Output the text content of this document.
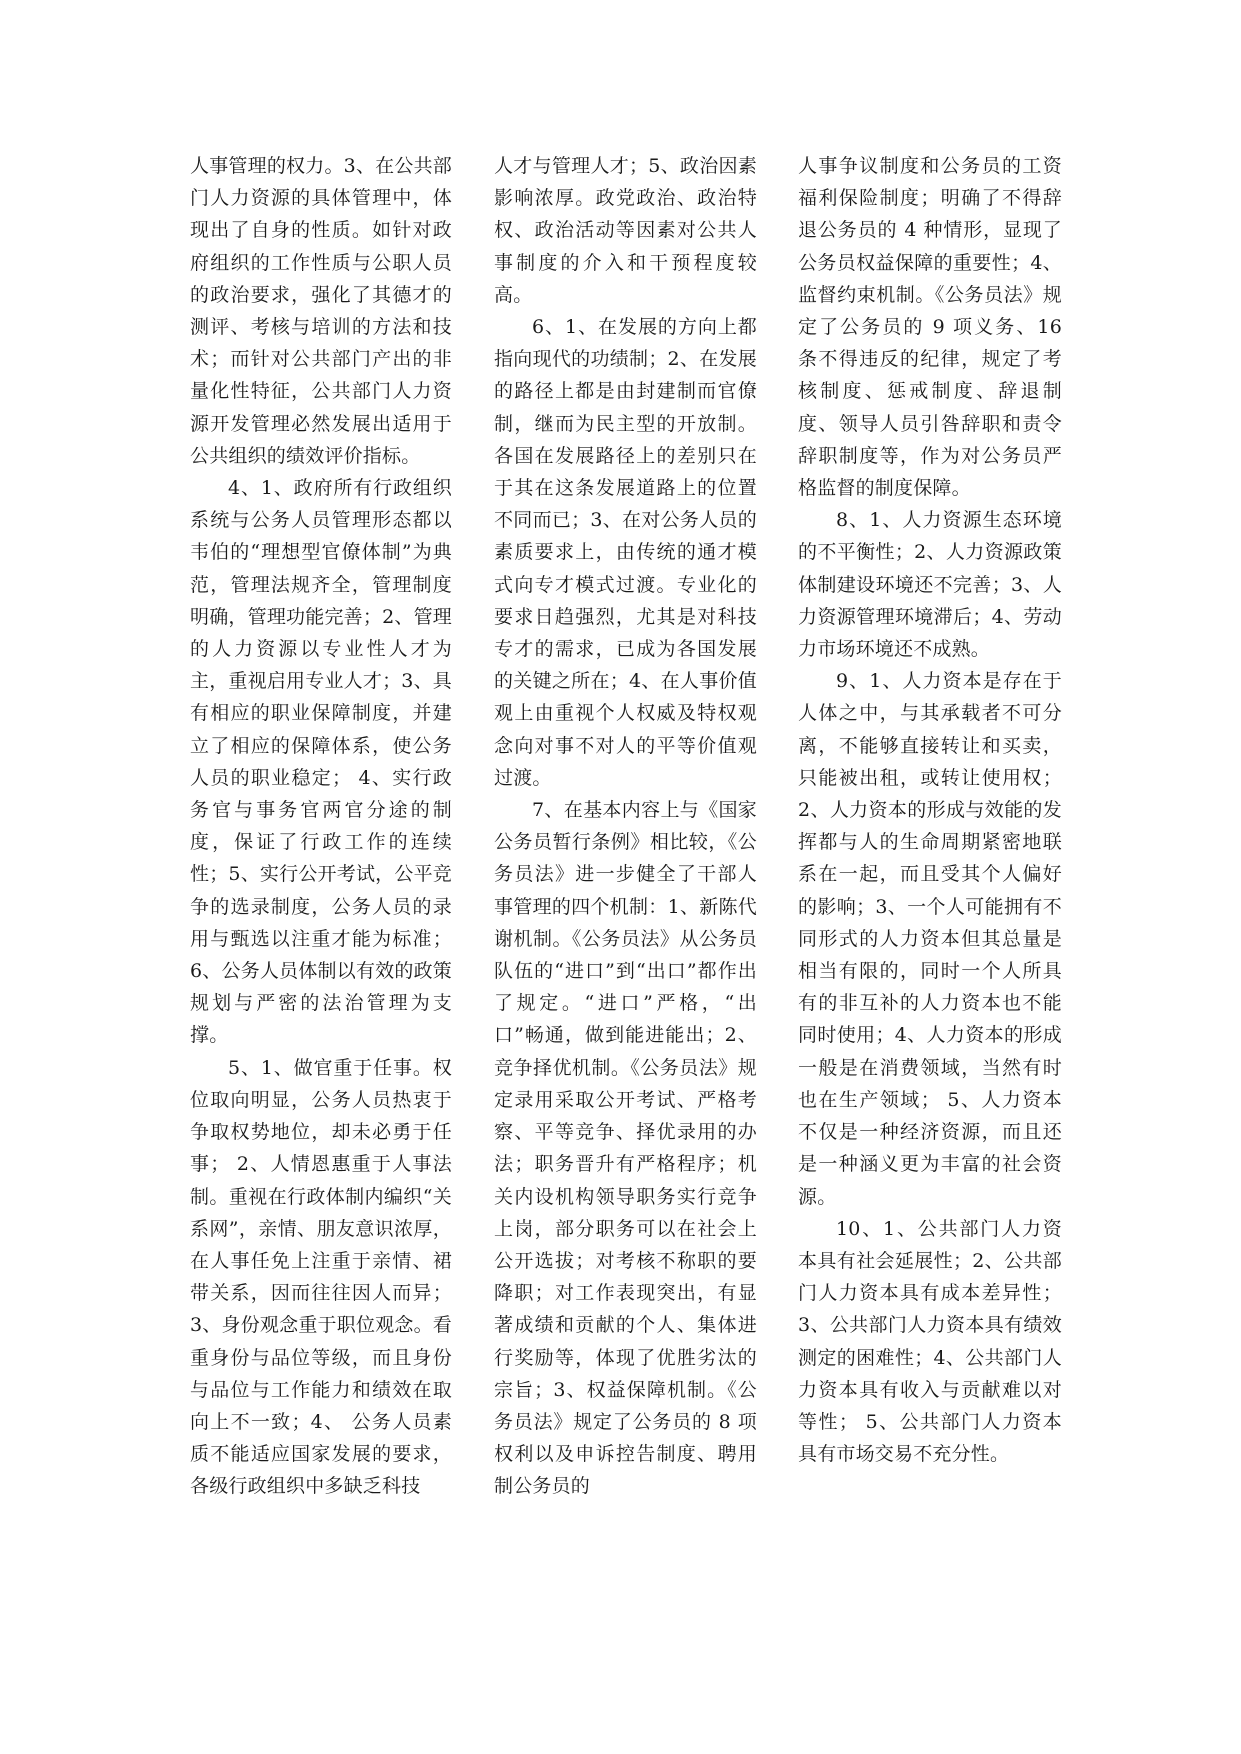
人事管理的权力。3、在公共部门人力资源的具体管理中，体现出了自身的性质。如针对政府组织的工作性质与公职人员的政治要求，强化了其德才的测评、考核与培训的方法和技术；而针对公共部门产出的非量化性特征，公共部门人力资源开发管理必然发展出适用于公共组织的绩效评价指标。

4、1、政府所有行政组织系统与公务人员管理形态都以韦伯的“理想型官僚体制”为典范，管理法规齐全，管理制度明确，管理功能完善；2、管理的人力资源以专业性人才为主，重视启用专业人才；3、具有相应的职业保障制度，并建立了相应的保障体系，使公务人员的职业稳定； 4、实行政务官与事务官两官分途的制度，保证了行政工作的连续性；5、实行公开考试，公平竞争的选录制度，公务人员的录用与甄选以注重才能为标准；6、公务人员体制以有效的政策规划与严密的法治管理为支撑。

5、1、做官重于任事。权位取向明显，公务人员热衷于争取权势地位，却未必勇于任事； 2、人情恩惠重于人事法制。重视在行政体制内编织“关系网”，亲情、朋友意识浓厚，在人事任免上注重于亲情、裙带关系，因而往往因人而异；3、身份观念重于职位观念。看重身份与品位等级，而且身份与品位与工作能力和绩效在取向上不一致；4、 公务人员素质不能适应国家发展的要求，各级行政组织中多缺乏科技

人才与管理人才；5、政治因素影响浓厚。政党政治、政治特权、政治活动等因素对公共人事制度的介入和干预程度较高。

6、1、在发展的方向上都指向现代的功绩制；2、在发展的路径上都是由封建制而官僚制，继而为民主型的开放制。各国在发展路径上的差别只在于其在这条发展道路上的位置不同而已；3、在对公务人员的素质要求上，由传统的通才模式向专才模式过渡。专业化的要求日趋强烈，尤其是对科技专才的需求，已成为各国发展的关键之所在；4、在人事价值观上由重视个人权威及特权观念向对事不对人的平等价值观过渡。

7、在基本内容上与《国家公务员暂行条例》相比较，《公务员法》进一步健全了干部人事管理的四个机制：1、新陈代谢机制。《公务员法》从公务员队伍的“进口”到“出口”都作出了规定。“进口”严格，“出口”畅通，做到能进能出；2、竞争择优机制。《公务员法》规定录用采取公开考试、严格考察、平等竞争、择优录用的办法；职务晋升有严格程序；机关内设机构领导职务实行竞争上岗，部分职务可以在社会上公开选拔；对考核不称职的要降职；对工作表现突出，有显著成绩和贡献的个人、集体进行奖励等，体现了优胜劣汰的宗旨；3、权益保障机制。《公务员法》规定了公务员的 8 项权利以及申诉控告制度、聘用制公务员的

人事争议制度和公务员的工资福利保险制度；明确了不得辞退公务员的 4 种情形，显现了公务员权益保障的重要性；4、监督约束机制。《公务员法》规定了公务员的 9 项义务、16 条不得违反的纪律，规定了考核制度、惩戒制度、辞退制度、领导人员引咎辞职和责令辞职制度等，作为对公务员严格监督的制度保障。

8、1、人力资源生态环境的不平衡性；2、人力资源政策体制建设环境还不完善；3、人力资源管理环境滞后；4、劳动力市场环境还不成熟。

9、1、人力资本是存在于人体之中，与其承载者不可分离，不能够直接转让和买卖，只能被出租，或转让使用权；2、人力资本的形成与效能的发挥都与人的生命周期紧密地联系在一起，而且受其个人偏好的影响；3、一个人可能拥有不同形式的人力资本但其总量是相当有限的，同时一个人所具有的非互补的人力资本也不能同时使用；4、人力资本的形成一般是在消费领域，当然有时也在生产领域； 5、人力资本不仅是一种经济资源，而且还是一种涵义更为丰富的社会资源。

10、1、公共部门人力资本具有社会延展性；2、公共部门人力资本具有成本差异性；3、公共部门人力资本具有绩效测定的困难性；4、公共部门人力资本具有收入与贡献难以对等性； 5、公共部门人力资本具有市场交易不充分性。
